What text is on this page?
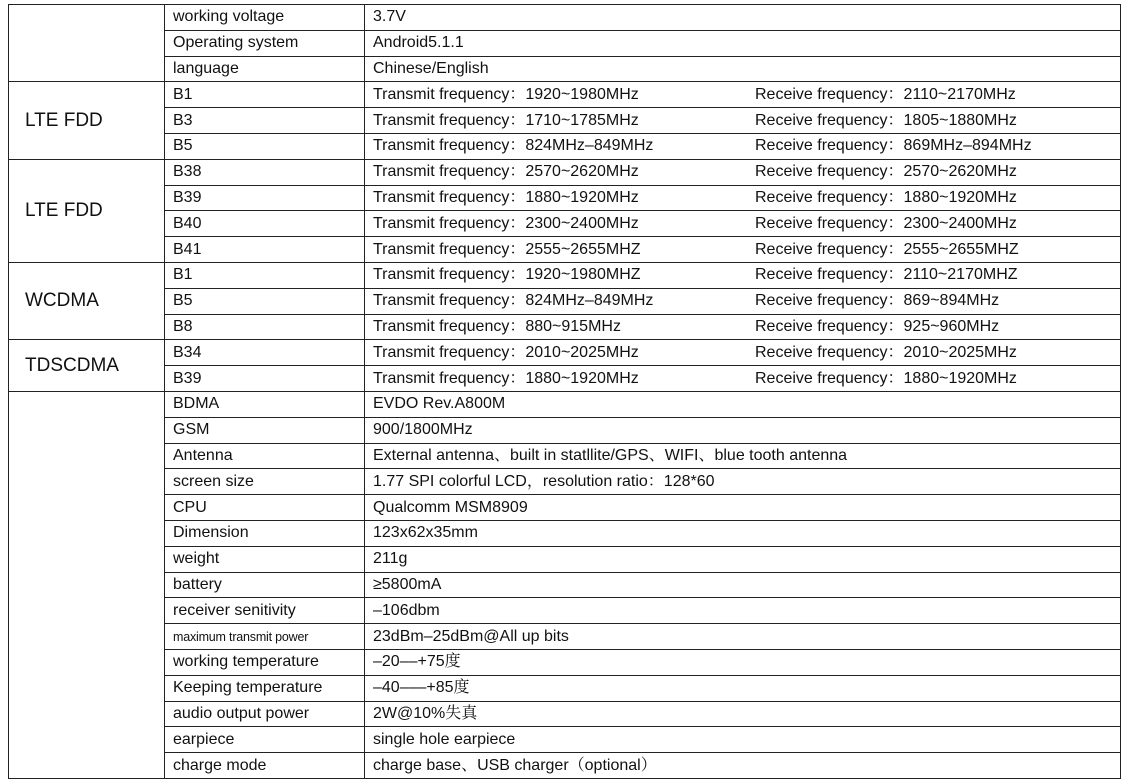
	working voltage	3.7V
	Operating system	Android5.1.1
	language	Chinese/English
LTE FDD	B1	Transmit frequency：1920~1980MHz Receive frequency：2110~2170MHz
	B3	Transmit frequency：1710~1785MHz Receive frequency：1805~1880MHz
	B5	Transmit frequency：824MHz–849MHz Receive frequency：869MHz–894MHz
LTE FDD	B38	Transmit frequency：2570~2620MHz Receive frequency：2570~2620MHz
	B39	Transmit frequency：1880~1920MHz Receive frequency：1880~1920MHz
	B40	Transmit frequency：2300~2400MHz Receive frequency：2300~2400MHz
	B41	Transmit frequency：2555~2655MHZ Receive frequency：2555~2655MHZ
WCDMA	B1	Transmit frequency：1920~1980MHZ Receive frequency：2110~2170MHZ
	B5	Transmit frequency：824MHz–849MHz Receive frequency：869~894MHz
	B8	Transmit frequency：880~915MHz Receive frequency：925~960MHz
TDSCDMA	B34	Transmit frequency：2010~2025MHz Receive frequency：2010~2025MHz
	B39	Transmit frequency：1880~1920MHz Receive frequency：1880~1920MHz
	BDMA	EVDO Rev.A800M
	GSM	900/1800MHz
	Antenna	External antenna、built in statllite/GPS、WIFI、blue tooth antenna
	screen size	1.77 SPI colorful LCD，resolution ratio：128*60
	CPU	Qualcomm MSM8909
	Dimension	123x62x35mm
	weight	211g
	battery	≥5800mA
	receiver senitivity	–106dbm
	maximum transmit power	23dBm–25dBm@All up bits
	working temperature	–20––+75度
	Keeping temperature	–40–––+85度
	audio output power	2W@10%失真
	earpiece	single hole earpiece
	charge mode	charge base、USB charger（optional）
